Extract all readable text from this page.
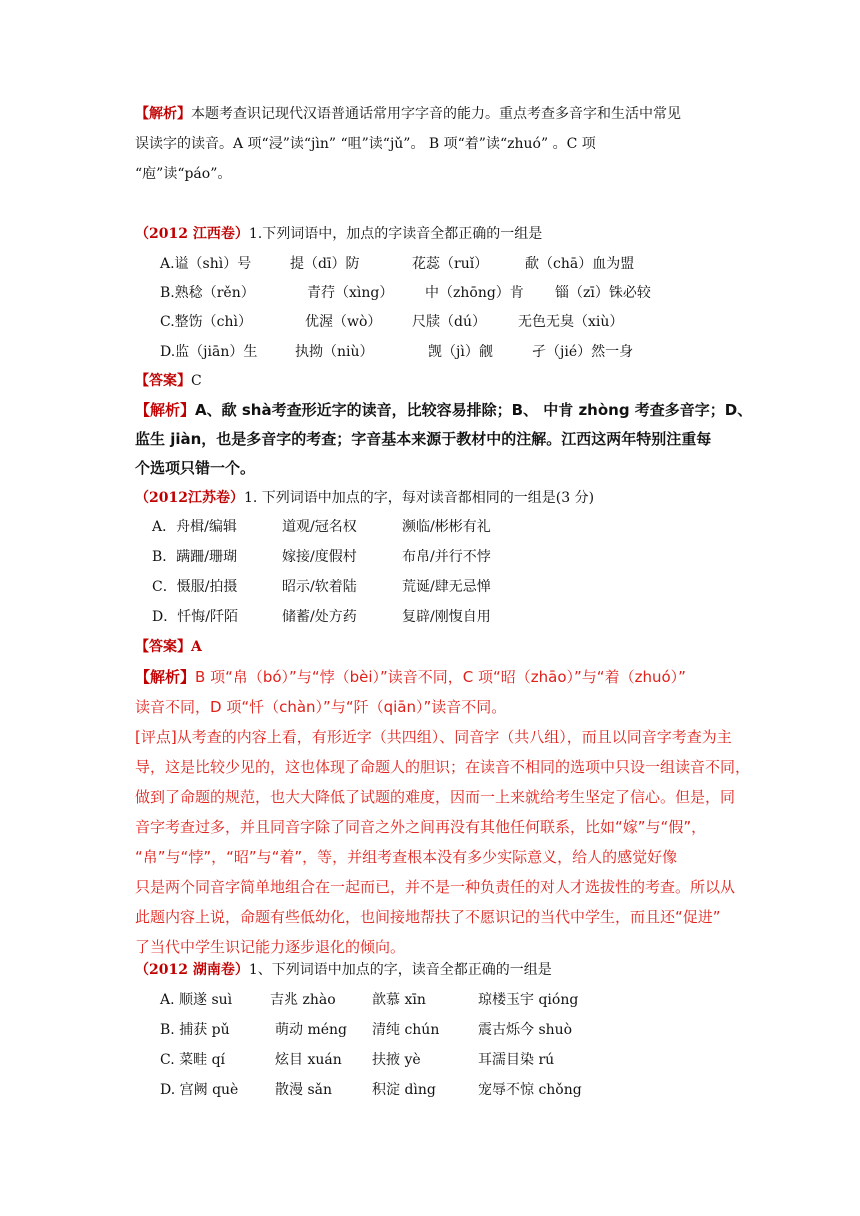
【解析】本题考查识记现代汉语普通话常用字字音的能力。重点考查多音字和生活中常见
误读字的读音。A 项“浸”读“jìn” “咀”读“jǔ”。 B 项“着”读“zhuó” 。C 项
“庖”读“páo”。
（2012 江西卷）1.下列词语中，加点的字读音全都正确的一组是
A.谥（shì）号	提（dī）防	花蕊（ruǐ）	歃（chā）血为盟
B.熟稔（rěn）	青荇（xìng） 中（zhōng）肯 锱（zī）铢必较
C.整饬（chì）	优渥（wò） 尺牍（dú） 无色无臭（xiù）
D.监（jiān）生	执拗（niù）	觊（jì）觎	孑（jié）然一身
【答案】C
【解析】A、歃 shà考查形近字的读音，比较容易排除；B、 中肯 zhòng 考查多音字；D、
监生 jiàn，也是多音字的考查；字音基本来源于教材中的注解。江西这两年特别注重每
个选项只错一个。
（2012江苏卷）1. 下列词语中加点的字，每对读音都相同的一组是(3 分)
A．舟楫/编辑	道观/冠名权	濒临/彬彬有礼
B．蹒跚/珊瑚	嫁接/度假村	布帛/并行不悖
C．慑服/拍摄	昭示/软着陆	荒诞/肆无忌惮
D．忏悔/阡陌	储蓄/处方药	复辟/刚愎自用
【答案】A
【解析】B 项“帛（bó）”与“悖（bèi）”读音不同，C 项“昭（zhāo）”与“着（zhuó）”
读音不同，D 项“忏（chàn）”与“阡（qiān）”读音不同。
[评点]从考查的内容上看，有形近字（共四组）、同音字（共八组），而且以同音字考查为主
导，这是比较少见的，这也体现了命题人的胆识；在读音不相同的选项中只设一组读音不同，
做到了命题的规范，也大大降低了试题的难度，因而一上来就给考生坚定了信心。但是，同
音字考查过多，并且同音字除了同音之外之间再没有其他任何联系，比如“嫁”与“假”，
“帛”与“悖”，“昭”与“着”，等，并组考查根本没有多少实际意义，给人的感觉好像
只是两个同音字简单地组合在一起而已，并不是一种负责任的对人才选拔性的考查。所以从
此题内容上说，命题有些低幼化，也间接地帮扶了不愿识记的当代中学生，而且还“促进”
了当代中学生识记能力逐步退化的倾向。
（2012 湖南卷）1、下列词语中加点的字，读音全都正确的一组是
A. 顺遂 suì	吉兆 zhào	歆慕 xīn	琼楼玉宇 qióng
B. 捕获 pǔ	萌动 méng 清纯 chún	震古烁今 shuò
C. 菜畦 qí	炫目 xuán 扶掖 yè	耳濡目染 rú
D. 宫阙 què	散漫 sǎn	积淀 dìng	宠辱不惊 chǒng
